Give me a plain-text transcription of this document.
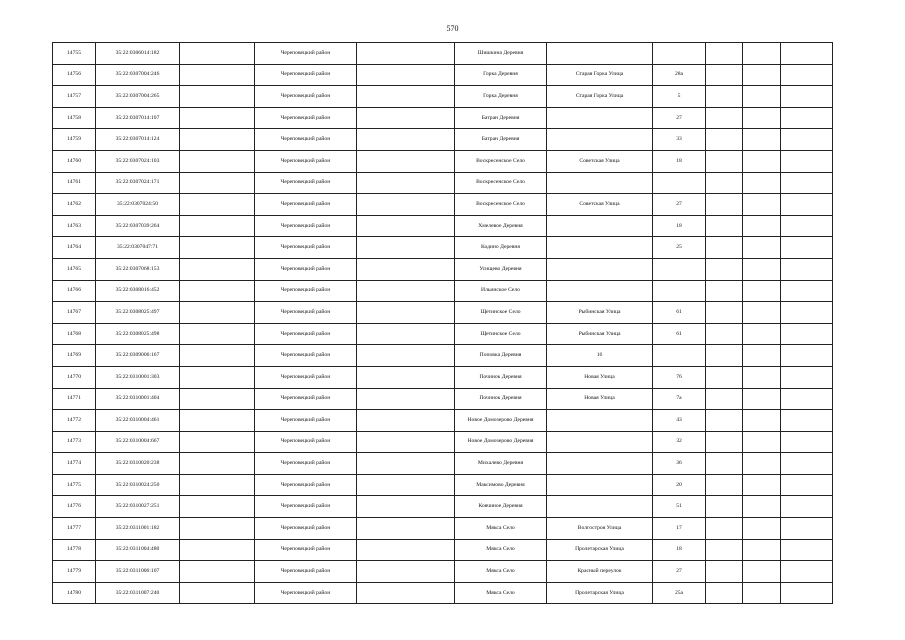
570
14755	35:22:0306014:182		Череповецкий район		Шишкина Деревня					
14756	35:22:0307004:246		Череповецкий район		Горка Деревня	Старая Горка Улица	28а			
14757	35:22:0307004:265		Череповецкий район		Горка Деревня	Старая Горка Улица	5			
14758	35:22:0307014:107		Череповецкий район		Батран Деревня		27			
14759	35:22:0307014:124		Череповецкий район		Батран Деревня		33			
14760	35:22:0307024:103		Череповецкий район		Воскресенское Село	Советская Улица	18			
14761	35:22:0307024:171		Череповецкий район		Воскресенское Село					
14762	35:22:0307024:50		Череповецкий район		Воскресенское Село	Советская Улица	27			
14763	35:22:0307039:264		Череповецкий район		Хмелевое Деревня		18			
14764	35:22:0307047:71		Череповецкий район		Кодино Деревня		25			
14765	35:22:0307068:153		Череповецкий район		Усищево Деревня					
14766	35:22:0308016:452		Череповецкий район		Ильинское Село					
14767	35:22:0308025:497		Череповецкий район		Щетинское Село	Рыбинская Улица	61			
14768	35:22:0308025:498		Череповецкий район		Щетинское Село	Рыбинская Улица	61			
14769	35:22:0309006:167		Череповецкий район		Поповка Деревня	16				
14770	35:22:0310001:303		Череповецкий район		Починок Деревня	Новая Улица	76			
14771	35:22:0310001:404		Череповецкий район		Починок Деревня	Новая Улица	7а			
14772	35:22:0310004:461		Череповецкий район		Новое Домозерово Деревня		43			
14773	35:22:0310004:667		Череповецкий район		Новое Домозерово Деревня		32			
14774	35:22:0310020:238		Череповецкий район		Михалево Деревня		36			
14775	35:22:0310024:250		Череповецкий район		Максимово Деревня		20			
14776	35:22:0310027:251		Череповецкий район		Ковчиное Деревня		51			
14777	35:22:0311001:182		Череповецкий район		Мякса Село	Волгостроя Улица	17			
14778	35:22:0311004:480		Череповецкий район		Мякса Село	Пролетарская Улица	18			
14779	35:22:0311006:107		Череповецкий район		Мякса Село	Красный переулок	27			
14780	35:22:0311007:240		Череповецкий район		Мякса Село	Пролетарская Улица	25а			
